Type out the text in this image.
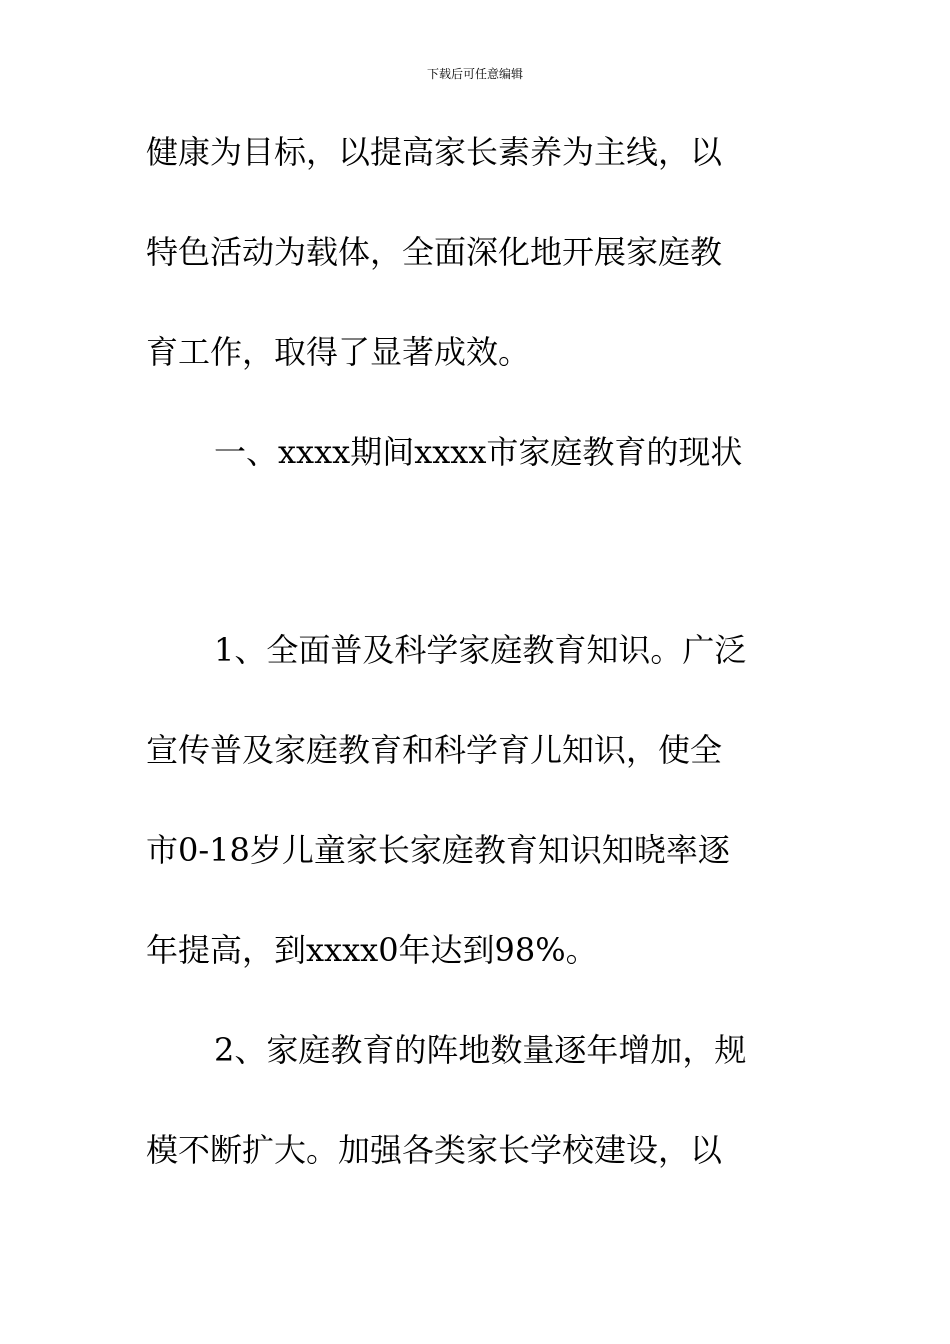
下载后可任意编辑
健康为目标，以提高家长素养为主线，以
特色活动为载体，全面深化地开展家庭教
育工作，取得了显著成效。
一、xxxx期间xxxx市家庭教育的现状
1、全面普及科学家庭教育知识。广泛
宣传普及家庭教育和科学育儿知识，使全
市0-18岁儿童家长家庭教育知识知晓率逐
年提高，到xxxx0年达到98%。
2、家庭教育的阵地数量逐年增加，规
模不断扩大。加强各类家长学校建设，以
